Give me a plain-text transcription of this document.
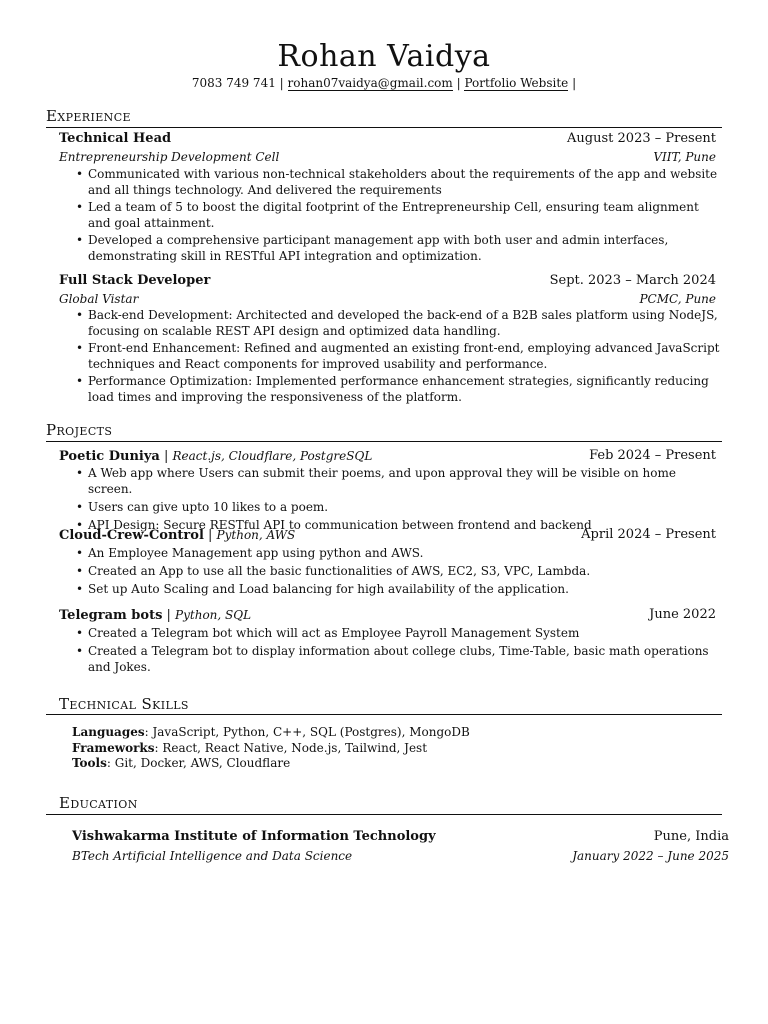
Rohan Vaidya
7083 749 741 | rohan07vaidya@gmail.com | Portfolio Website |
Experience
Technical Head	August 2023 – Present
Entrepreneurship Development Cell	VIIT, Pune
• Communicated with various non-technical stakeholders about the requirements of the app and website and all things technology. And delivered the requirements
• Led a team of 5 to boost the digital footprint of the Entrepreneurship Cell, ensuring team alignment and goal attainment.
• Developed a comprehensive participant management app with both user and admin interfaces, demonstrating skill in RESTful API integration and optimization.
Full Stack Developer	Sept. 2023 – March 2024
Global Vistar	PCMC, Pune
• Back-end Development: Architected and developed the back-end of a B2B sales platform using NodeJS, focusing on scalable REST API design and optimized data handling.
• Front-end Enhancement: Refined and augmented an existing front-end, employing advanced JavaScript techniques and React components for improved usability and performance.
• Performance Optimization: Implemented performance enhancement strategies, significantly reducing load times and improving the responsiveness of the platform.
Projects
Poetic Duniya | React.js, Cloudflare, PostgreSQL	Feb 2024 – Present
• A Web app where Users can submit their poems, and upon approval they will be visible on home screen.
• Users can give upto 10 likes to a poem.
• API Design: Secure RESTful API to communication between frontend and backend
Cloud-Crew-Control | Python, AWS	April 2024 – Present
• An Employee Management app using python and AWS.
• Created an App to use all the basic functionalities of AWS, EC2, S3, VPC, Lambda.
• Set up Auto Scaling and Load balancing for high availability of the application.
Telegram bots | Python, SQL	June 2022
• Created a Telegram bot which will act as Employee Payroll Management System
• Created a Telegram bot to display information about college clubs, Time-Table, basic math operations and Jokes.
Technical Skills
Languages: JavaScript, Python, C++, SQL (Postgres), MongoDB
Frameworks: React, React Native, Node.js, Tailwind, Jest
Tools: Git, Docker, AWS, Cloudflare
Education
Vishwakarma Institute of Information Technology	Pune, India
BTech Artificial Intelligence and Data Science	January 2022 – June 2025
